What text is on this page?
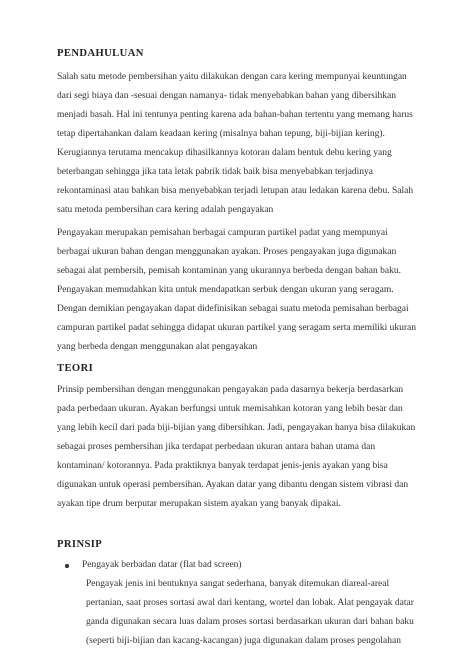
PENDAHULUAN

Salah satu metode pembersihan yaitu dilakukan dengan cara kering mempunyai keuntungan dari segi biaya dan -sesuai dengan namanya- tidak menyebabkan bahan yang dibersihkan menjadi basah. Hal ini tentunya penting karena ada bahan-bahan tertentu yang memang harus tetap dipertahankan dalam keadaan kering (misalnya bahan tepung, biji-bijian kering). Kerugiannya terutama mencakup dihasilkannya kotoran dalam bentuk debu kering yang beterbangan sehingga jika tata letak pabrik tidak baik bisa menyebabkan terjadinya rekontaminasi atau bahkan bisa menyebabkan terjadi letupan atau ledakan karena debu. Salah satu metoda pembersihan cara kering adalah pengayakan

Pengayakan merupakan pemisahan berbagai campuran partikel padat yang mempunyai berbagai ukuran bahan dengan menggunakan ayakan. Proses pengayakan juga digunakan sebagai alat pembersih, pemisah kontaminan yang ukurannya berbeda dengan bahan baku. Pengayakan memudahkan kita untuk mendapatkan serbuk dengan ukuran yang seragam. Dengan demikian pengayakan dapat didefinisikan sebagai suatu metoda pemisahan berbagai campuran partikel padat sehingga didapat ukuran partikel yang seragam serta memiliki ukuran yang berbeda dengan menggunakan alat pengayakan

TEORI

Prinsip pembersihan dengan menggunakan pengayakan pada dasarnya bekerja berdasarkan pada perbedaan ukuran. Ayakan berfungsi untuk memisahkan kotoran yang lebih besar dan yang lebih kecil dari pada biji-bijian yang dibersihkan. Jadi, pengayakan hanya bisa dilakukan sebagai proses pembersihan jika terdapat perbedaan ukuran antara bahan utama dan kontaminan/ kotorannya. Pada praktiknya banyak terdapat jenis-jenis ayakan yang bisa digunakan untuk operasi pembersihan. Ayakan datar yang dibantu dengan sistem vibrasi dan ayakan tipe drum berputar merupakan sistem ayakan yang banyak dipakai.

PRINSIP
Pengayak berbadan datar (flat bad screen)

Pengayak jenis ini bentuknya sangat sederhana, banyak ditemukan diareal-areal pertanian, saat proses sortasi awal dari kentang, wortel dan lobak. Alat pengayak datar ganda digunakan secara luas dalam proses sortasi berdasarkan ukuran dari bahan baku (seperti biji-bijian dan kacang-kacangan) juga digunakan dalam proses pengolahan
